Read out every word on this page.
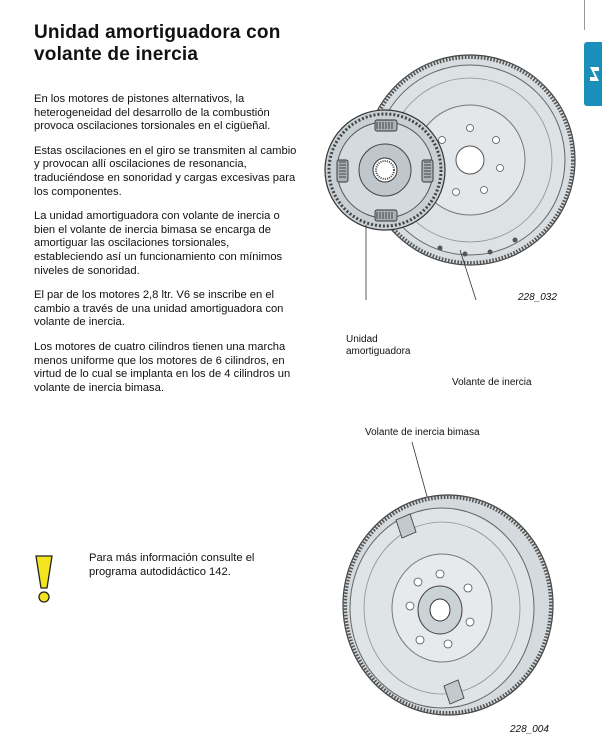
Unidad amortiguadora con volante de inercia

En los motores de pistones alternativos, la heterogeneidad del desarrollo de la combustión provoca oscilaciones torsionales en el cigüeñal.

Estas oscilaciones en el giro se transmiten al cambio y provocan allí oscilaciones de resonancia, traduciéndose en sonoridad y cargas excesivas para los componentes.

La unidad amortiguadora con volante de inercia o bien el volante de inercia bimasa se encarga de amortiguar las oscilaciones torsionales, estableciendo así un funcionamiento con mínimos niveles de sonoridad.

El par de los motores 2,8 ltr. V6 se inscribe en el cambio a través de una unidad amortiguadora con volante de inercia.

Los motores de cuatro cilindros tienen una marcha menos uniforme que los motores de 6 cilindros, en virtud de lo cual se implanta en los de 4 cilindros un volante de inercia bimasa.

Para más información consulte el programa autodidáctico 142.
228_032
Unidad amortiguadora
Volante de inercia
Volante de inercia bimasa
228_004
